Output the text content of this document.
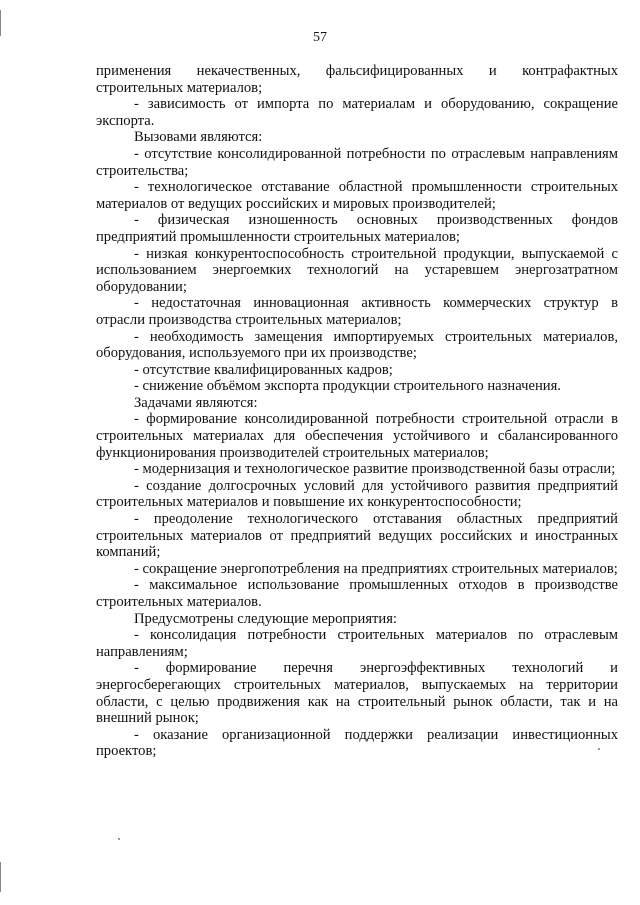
57

применения некачественных, фальсифицированных и контрафактных строительных материалов;

- зависимость от импорта по материалам и оборудованию, сокращение экспорта.

Вызовами являются:

- отсутствие консолидированной потребности по отраслевым направлениям строительства;

- технологическое отставание областной промышленности строительных материалов от ведущих российских и мировых производителей;

- физическая изношенность основных производственных фондов предприятий промышленности строительных материалов;

- низкая конкурентоспособность строительной продукции, выпускаемой с использованием энергоемких технологий на устаревшем энергозатратном оборудовании;

- недостаточная инновационная активность коммерческих структур в отрасли производства строительных материалов;

- необходимость замещения импортируемых строительных материалов, оборудования, используемого при их производстве;

- отсутствие квалифицированных кадров;

- снижение объёмом экспорта продукции строительного назначения.

Задачами являются:

- формирование консолидированной потребности строительной отрасли в строительных материалах для обеспечения устойчивого и сбалансированного функционирования производителей строительных материалов;

- модернизация и технологическое развитие производственной базы отрасли;

- создание долгосрочных условий для устойчивого развития предприятий строительных материалов и повышение их конкурентоспособности;

- преодоление технологического отставания областных предприятий строительных материалов от предприятий ведущих российских и иностранных компаний;

- сокращение энергопотребления на предприятиях строительных материалов;

- максимальное использование промышленных отходов в производстве строительных материалов.

Предусмотрены следующие мероприятия:

- консолидация потребности строительных материалов по отраслевым направлениям;

- формирование перечня энергоэффективных технологий и энергосберегающих строительных материалов, выпускаемых на территории области, с целью продвижения как на строительный рынок области, так и на внешний рынок;

- оказание организационной поддержки реализации инвестиционных проектов;
